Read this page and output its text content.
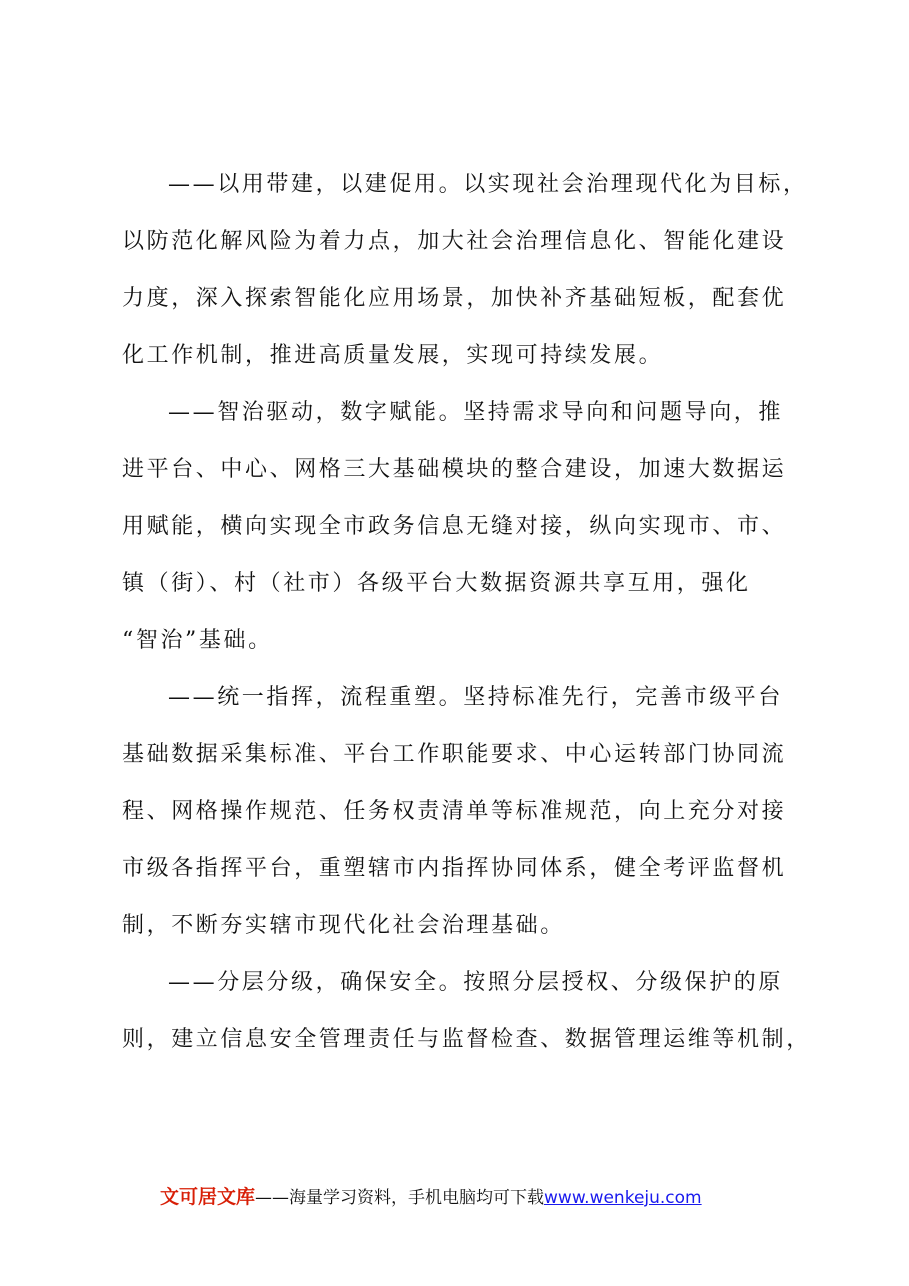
——以用带建，以建促用。以实现社会治理现代化为目标，
以防范化解风险为着力点，加大社会治理信息化、智能化建设
力度，深入探索智能化应用场景，加快补齐基础短板，配套优
化工作机制，推进高质量发展，实现可持续发展。
——智治驱动，数字赋能。坚持需求导向和问题导向，推
进平台、中心、网格三大基础模块的整合建设，加速大数据运
用赋能，横向实现全市政务信息无缝对接，纵向实现市、市、
镇（街）、村（社市）各级平台大数据资源共享互用，强化
“智治”基础。
——统一指挥，流程重塑。坚持标准先行，完善市级平台
基础数据采集标准、平台工作职能要求、中心运转部门协同流
程、网格操作规范、任务权责清单等标准规范，向上充分对接
市级各指挥平台，重塑辖市内指挥协同体系，健全考评监督机
制，不断夯实辖市现代化社会治理基础。
——分层分级，确保安全。按照分层授权、分级保护的原
则，建立信息安全管理责任与监督检查、数据管理运维等机制，
文可居文库——海量学习资料，手机电脑均可下载www.wenkeju.com
